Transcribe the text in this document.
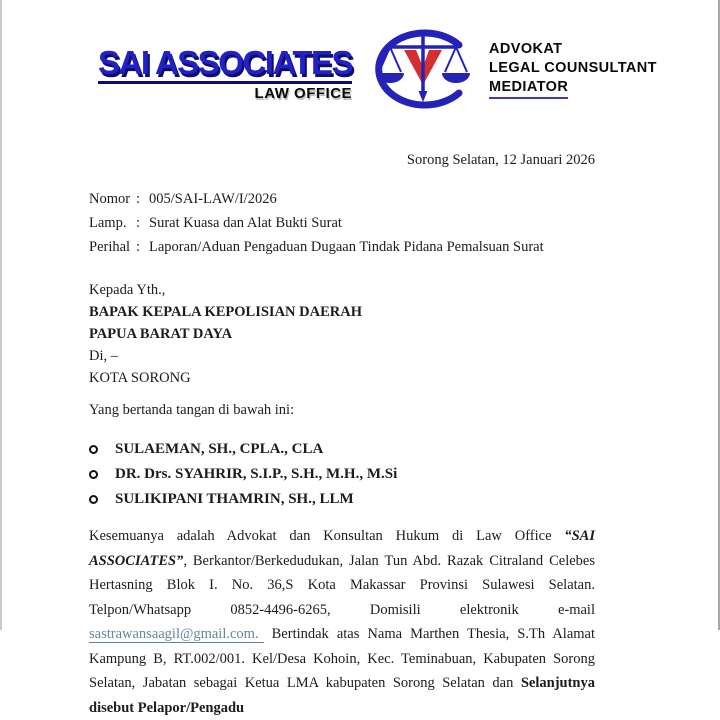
SAI ASSOCIATES
LAW OFFICE
ADVOKAT
LEGAL COUNSULTANT
MEDIATOR
Sorong Selatan, 12 Januari 2026
Nomor : 005/SAI-LAW/I/2026
Lamp. : Surat Kuasa dan Alat Bukti Surat
Perihal : Laporan/Aduan Pengaduan Dugaan Tindak Pidana Pemalsuan Surat
Kepada Yth.,
BAPAK KEPALA KEPOLISIAN DAERAH
PAPUA BARAT DAYA
Di, –
KOTA SORONG
Yang bertanda tangan di bawah ini:
SULAEMAN, SH., CPLA., CLA
DR. Drs. SYAHRIR, S.I.P., S.H., M.H., M.Si
SULIKIPANI THAMRIN, SH., LLM
Kesemuanya adalah Advokat dan Konsultan Hukum di Law Office “SAI ASSOCIATES”, Berkantor/Berkedudukan, Jalan Tun Abd. Razak Citraland Celebes Hertasning Blok I. No. 36,S Kota Makassar Provinsi Sulawesi Selatan. Telpon/Whatsapp 0852-4496-6265, Domisili elektronik e-mail sastrawansaagil@gmail.com. Bertindak atas Nama Marthen Thesia, S.Th Alamat Kampung B, RT.002/001. Kel/Desa Kohoin, Kec. Teminabuan, Kabupaten Sorong Selatan, Jabatan sebagai Ketua LMA kabupaten Sorong Selatan dan Selanjutnya disebut Pelapor/Pengadu
